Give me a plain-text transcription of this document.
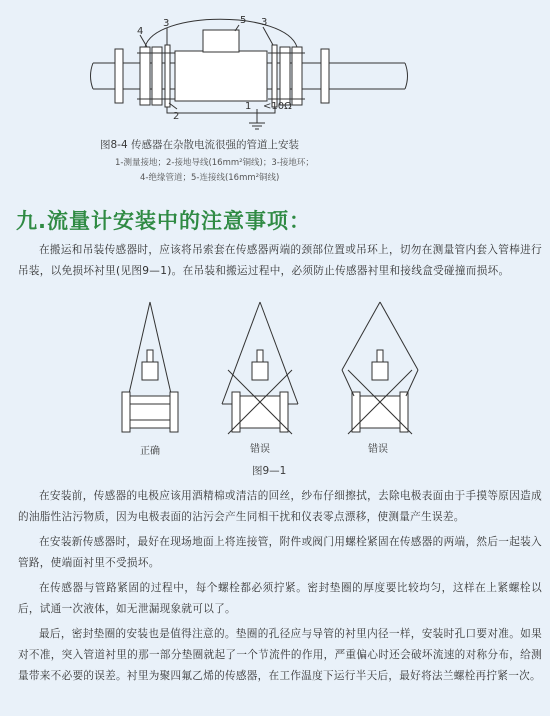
4
3	5 3
2
1 <10Ω
图8-4 传感器在杂散电流很强的管道上安装
1-测量接地；2-接地导线(16mm²铜线)；3-接地环；
4-绝缘管道；5-连接线(16mm²铜线)
九.流量计安装中的注意事项：
在搬运和吊装传感器时，应该将吊索套在传感器两端的颈部位置或吊环上，切勿在测量管内套入管棒进行吊装，以免损坏衬里(见图9—1)。在吊装和搬运过程中，必须防止传感器衬里和接线盒受碰撞而损坏。
正确	错误	错误
图9—1
在安装前，传感器的电极应该用酒精棉或清洁的回丝，纱布仔细擦拭，去除电极表面由于手摸等原因造成的油脂性沾污物质，因为电极表面的沾污会产生同相干扰和仪表零点漂移，使测量产生误差。
在安装新传感器时，最好在现场地面上将连接管，附件或阀门用螺栓紧固在传感器的两端，然后一起装入管路，使端面衬里不受损坏。
在传感器与管路紧固的过程中，每个螺栓都必须拧紧。密封垫圈的厚度要比较均匀，这样在上紧螺栓以后，试通一次液体，如无泄漏现象就可以了。
最后，密封垫圈的安装也是值得注意的。垫圈的孔径应与导管的衬里内径一样，安装时孔口要对准。如果对不准，突入管道衬里的那一部分垫圈就起了一个节流件的作用，严重偏心时还会破坏流速的对称分布，给测量带来不必要的误差。衬里为聚四氟乙烯的传感器，在工作温度下运行半天后，最好将法兰螺栓再拧紧一次。
